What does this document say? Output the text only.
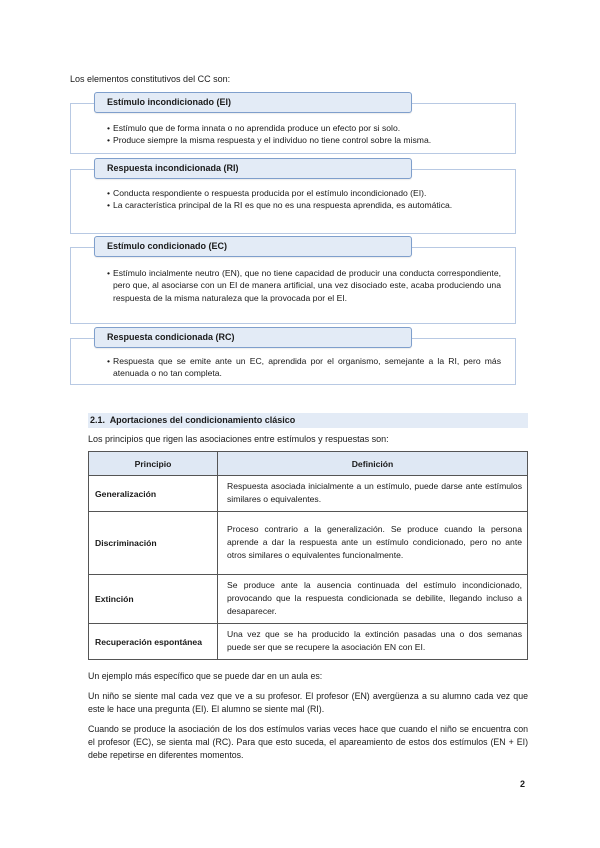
Los elementos constitutivos del CC son:
• Estímulo que de forma innata o no aprendida produce un efecto por si solo.
• Produce siempre la misma respuesta y el individuo no tiene control sobre la misma.
Estímulo incondicionado (EI)
• Conducta respondiente o respuesta producida por el estímulo incondicionado (EI).
• La característica principal de la RI es que no es una respuesta aprendida, es automática.
Respuesta incondicionada (RI)
• Estímulo incialmente neutro (EN), que no tiene capacidad de producir una conducta correspondiente, pero que, al asociarse con un EI de manera artificial, una vez disociado este, acaba produciendo una respuesta de la misma naturaleza que la provocada por el EI.
Estímulo condicionado (EC)
• Respuesta que se emite ante un EC, aprendida por el organismo, semejante a la RI, pero más atenuada o no tan completa.
Respuesta condicionada (RC)
2.1. Aportaciones del condicionamiento clásico
Los principios que rigen las asociaciones entre estímulos y respuestas son:
Principio	Definición
Generalización	Respuesta asociada inicialmente a un estímulo, puede darse ante estímulos similares o equivalentes.
Discriminación	Proceso contrario a la generalización. Se produce cuando la persona aprende a dar la respuesta ante un estímulo condicionado, pero no ante otros similares o equivalentes funcionalmente.
Extinción	Se produce ante la ausencia continuada del estímulo incondicionado, provocando que la respuesta condicionada se debilite, llegando incluso a desaparecer.
Recuperación espontánea	Una vez que se ha producido la extinción pasadas una o dos semanas puede ser que se recupere la asociación EN con EI.
Un ejemplo más específico que se puede dar en un aula es:
Un niño se siente mal cada vez que ve a su profesor. El profesor (EN) avergüenza a su alumno cada vez que este le hace una pregunta (EI). El alumno se siente mal (RI).
Cuando se produce la asociación de los dos estímulos varias veces hace que cuando el niño se encuentra con el profesor (EC), se sienta mal (RC). Para que esto suceda, el apareamiento de estos dos estímulos (EN + EI) debe repetirse en diferentes momentos.
2
